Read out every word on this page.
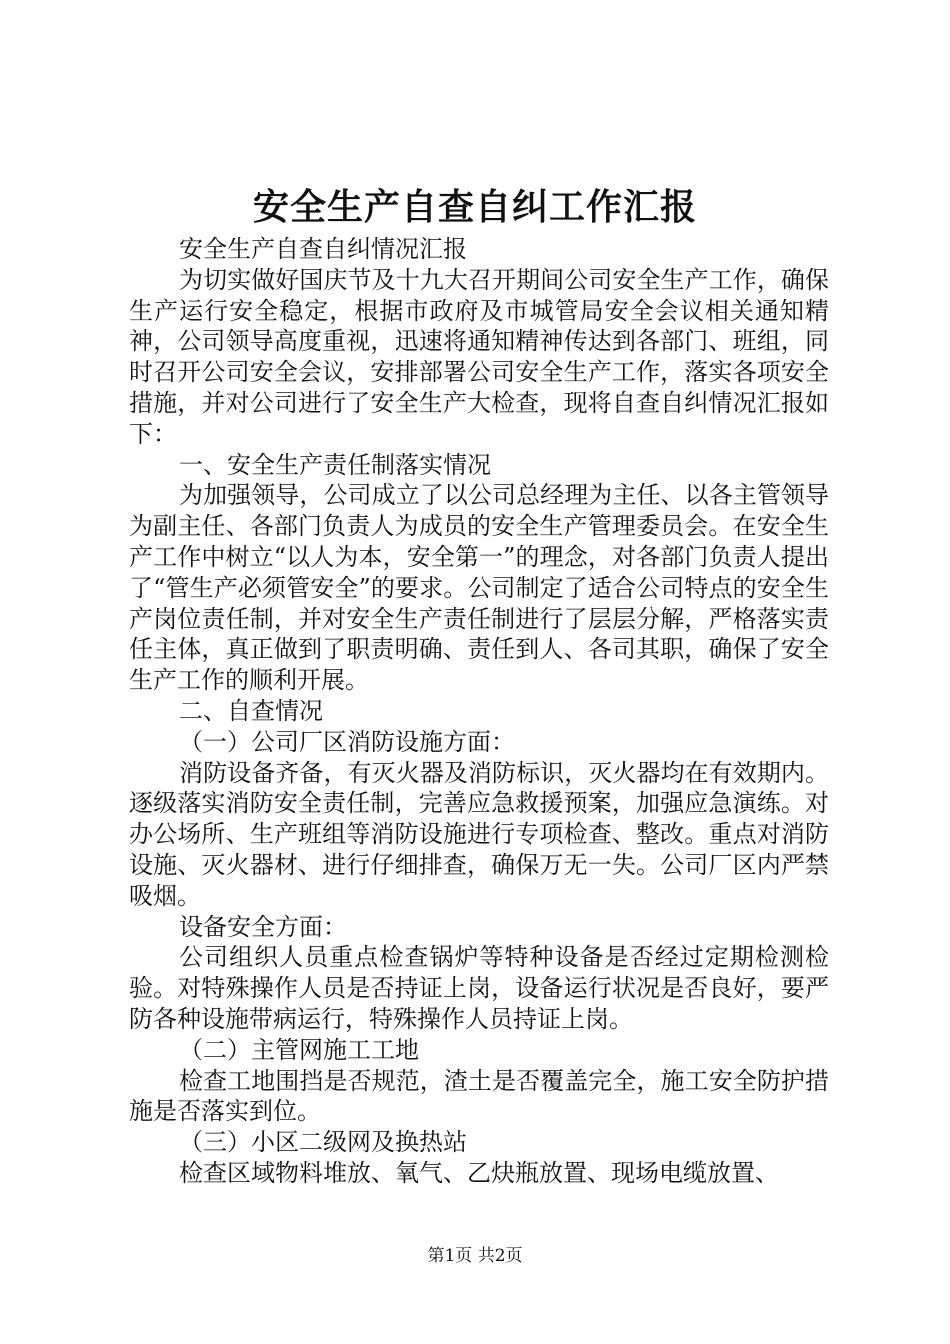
安全生产自查自纠工作汇报

安全生产自查自纠情况汇报

为切实做好国庆节及十九大召开期间公司安全生产工作，确保生产运行安全稳定，根据市政府及市城管局安全会议相关通知精神，公司领导高度重视，迅速将通知精神传达到各部门、班组，同时召开公司安全会议，安排部署公司安全生产工作，落实各项安全措施，并对公司进行了安全生产大检查，现将自查自纠情况汇报如下：

一、安全生产责任制落实情况

为加强领导，公司成立了以公司总经理为主任、以各主管领导为副主任、各部门负责人为成员的安全生产管理委员会。在安全生产工作中树立“以人为本，安全第一”的理念，对各部门负责人提出了“管生产必须管安全”的要求。公司制定了适合公司特点的安全生产岗位责任制，并对安全生产责任制进行了层层分解，严格落实责任主体，真正做到了职责明确、责任到人、各司其职，确保了安全生产工作的顺利开展。

二、自查情况

（一）公司厂区消防设施方面：

消防设备齐备，有灭火器及消防标识，灭火器均在有效期内。逐级落实消防安全责任制，完善应急救援预案，加强应急演练。对办公场所、生产班组等消防设施进行专项检查、整改。重点对消防设施、灭火器材、进行仔细排查，确保万无一失。公司厂区内严禁吸烟。

设备安全方面：

公司组织人员重点检查锅炉等特种设备是否经过定期检测检验。对特殊操作人员是否持证上岗，设备运行状况是否良好，要严防各种设施带病运行，特殊操作人员持证上岗。

（二）主管网施工工地

检查工地围挡是否规范，渣土是否覆盖完全，施工安全防护措施是否落实到位。

（三）小区二级网及换热站

检查区域物料堆放、氧气、乙炔瓶放置、现场电缆放置、

第1页 共2页
